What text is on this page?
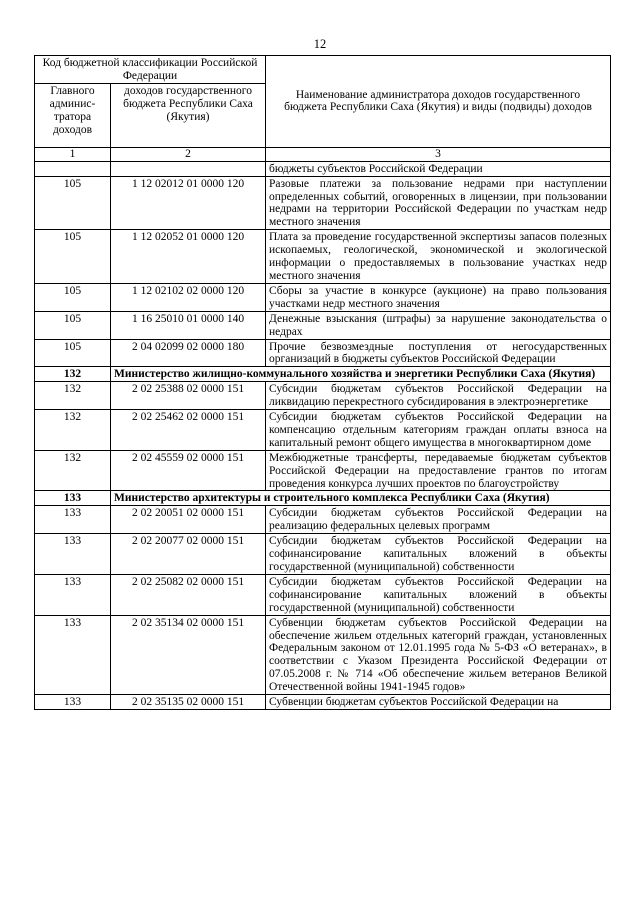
12
Код бюджетной классификации Российской Федерации		Наименование администратора доходов государственного бюджета Республики Саха (Якутия) и виды (подвиды) доходов
Главного админис-тратора доходов	доходов государственного бюджета Республики Саха (Якутия)	
1	2	3
		бюджеты субъектов Российской Федерации
105	1 12 02012 01 0000 120	Разовые платежи за пользование недрами при наступлении определенных событий, оговоренных в лицензии, при пользовании недрами на территории Российской Федерации по участкам недр местного значения
105	1 12 02052 01 0000 120	Плата за проведение государственной экспертизы запасов полезных ископаемых, геологической, экономической и экологической информации о предоставляемых в пользование участках недр местного значения
105	1 12 02102 02 0000 120	Сборы за участие в конкурсе (аукционе) на право пользования участками недр местного значения
105	1 16 25010 01 0000 140	Денежные взыскания (штрафы) за нарушение законодательства о недрах
105	2 04 02099 02 0000 180	Прочие безвозмездные поступления от негосударственных организаций в бюджеты субъектов Российской Федерации
132	Министерство жилищно-коммунального хозяйства и энергетики Республики Саха (Якутия)	
132	2 02 25388 02 0000 151	Субсидии бюджетам субъектов Российской Федерации на ликвидацию перекрестного субсидирования в электроэнергетике
132	2 02 25462 02 0000 151	Субсидии бюджетам субъектов Российской Федерации на компенсацию отдельным категориям граждан оплаты взноса на капитальный ремонт общего имущества в многоквартирном доме
132	2 02 45559 02 0000 151	Межбюджетные трансферты, передаваемые бюджетам субъектов Российской Федерации на предоставление грантов по итогам проведения конкурса лучших проектов по благоустройству
133	Министерство архитектуры и строительного комплекса Республики Саха (Якутия)	
133	2 02 20051 02 0000 151	Субсидии бюджетам субъектов Российской Федерации на реализацию федеральных целевых программ
133	2 02 20077 02 0000 151	Субсидии бюджетам субъектов Российской Федерации на софинансирование капитальных вложений в объекты государственной (муниципальной) собственности
133	2 02 25082 02 0000 151	Субсидии бюджетам субъектов Российской Федерации на софинансирование капитальных вложений в объекты государственной (муниципальной) собственности
133	2 02 35134 02 0000 151	Субвенции бюджетам субъектов Российской Федерации на обеспечение жильем отдельных категорий граждан, установленных Федеральным законом от 12.01.1995 года № 5-ФЗ «О ветеранах», в соответствии с Указом Президента Российской Федерации от 07.05.2008 г. № 714 «Об обеспечение жильем ветеранов Великой Отечественной войны 1941-1945 годов»
133	2 02 35135 02 0000 151	Субвенции бюджетам субъектов Российской Федерации на
